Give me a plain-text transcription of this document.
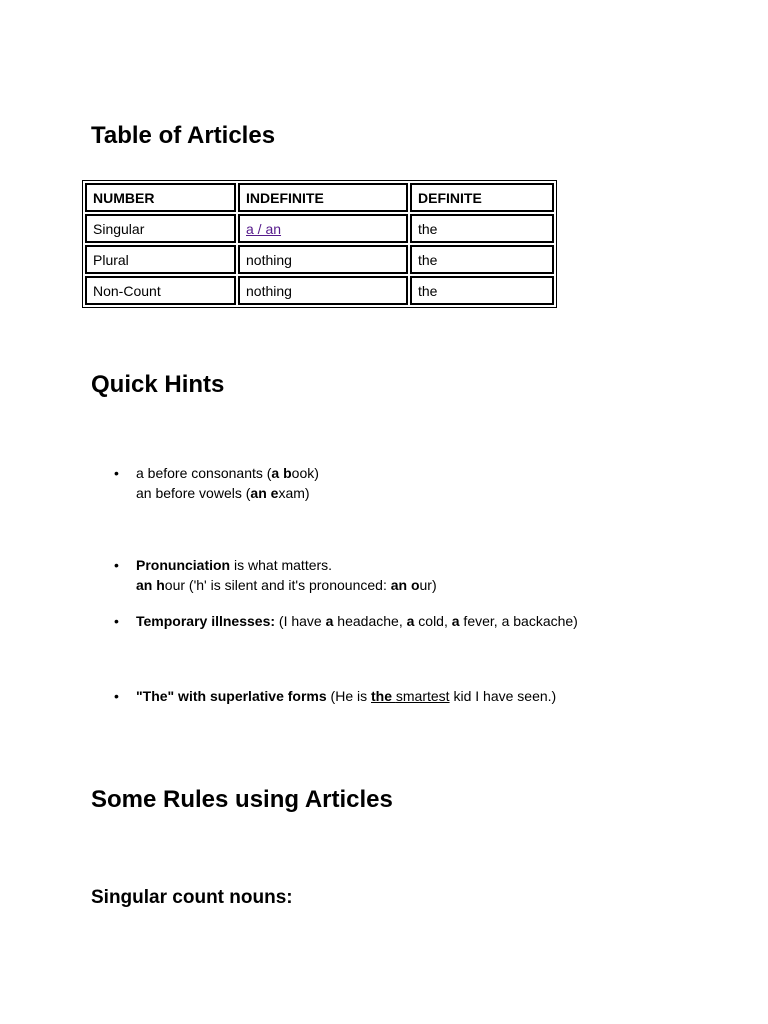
Table of Articles
NUMBER	INDEFINITE	DEFINITE
Singular	a / an	the
Plural	nothing	the
Non-Count	nothing	the
Quick Hints
• a before consonants (a book)
an before vowels (an exam)
• Pronunciation is what matters.
an hour ('h' is silent and it's pronounced: an our)
• Temporary illnesses: (I have a headache, a cold, a fever, a backache)
• "The" with superlative forms (He is the smartest kid I have seen.)
Some Rules using Articles
Singular count nouns:
